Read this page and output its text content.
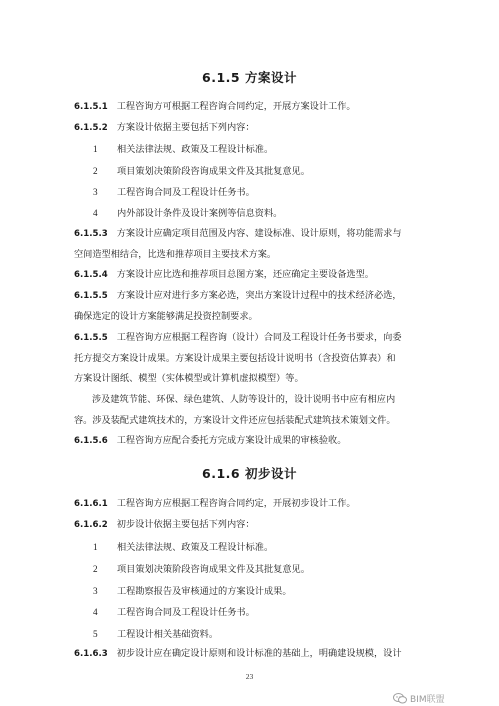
6.1.5 方案设计
6.1.5.1 工程咨询方可根据工程咨询合同约定，开展方案设计工作。
6.1.5.2 方案设计依据主要包括下列内容：
1 相关法律法规、政策及工程设计标准。
2 项目策划决策阶段咨询成果文件及其批复意见。
3 工程咨询合同及工程设计任务书。
4 内外部设计条件及设计案例等信息资料。
6.1.5.3 方案设计应确定项目范围及内容、建设标准、设计原则，将功能需求与
空间造型相结合，比选和推荐项目主要技术方案。
6.1.5.4 方案设计应比选和推荐项目总图方案，还应确定主要设备选型。
6.1.5.5 方案设计应对进行多方案必选，突出方案设计过程中的技术经济必选，
确保选定的设计方案能够满足投资控制要求。
6.1.5.5 工程咨询方应根据工程咨询（设计）合同及工程设计任务书要求，向委
托方提交方案设计成果。方案设计成果主要包括设计说明书（含投资估算表）和
方案设计图纸、模型（实体模型或计算机虚拟模型）等。
涉及建筑节能、环保、绿色建筑、人防等设计的，设计说明书中应有相应内
容。涉及装配式建筑技术的，方案设计文件还应包括装配式建筑技术策划文件。
6.1.5.6 工程咨询方应配合委托方完成方案设计成果的审核验收。
6.1.6 初步设计
6.1.6.1 工程咨询方应根据工程咨询合同约定，开展初步设计工作。
6.1.6.2 初步设计依据主要包括下列内容：
1 相关法律法规、政策及工程设计标准。
2 项目策划决策阶段咨询成果文件及其批复意见。
3 工程勘察报告及审核通过的方案设计成果。
4 工程咨询合同及工程设计任务书。
5 工程设计相关基础资料。
6.1.6.3 初步设计应在确定设计原则和设计标准的基础上，明确建设规模，设计
23
BIM联盟
